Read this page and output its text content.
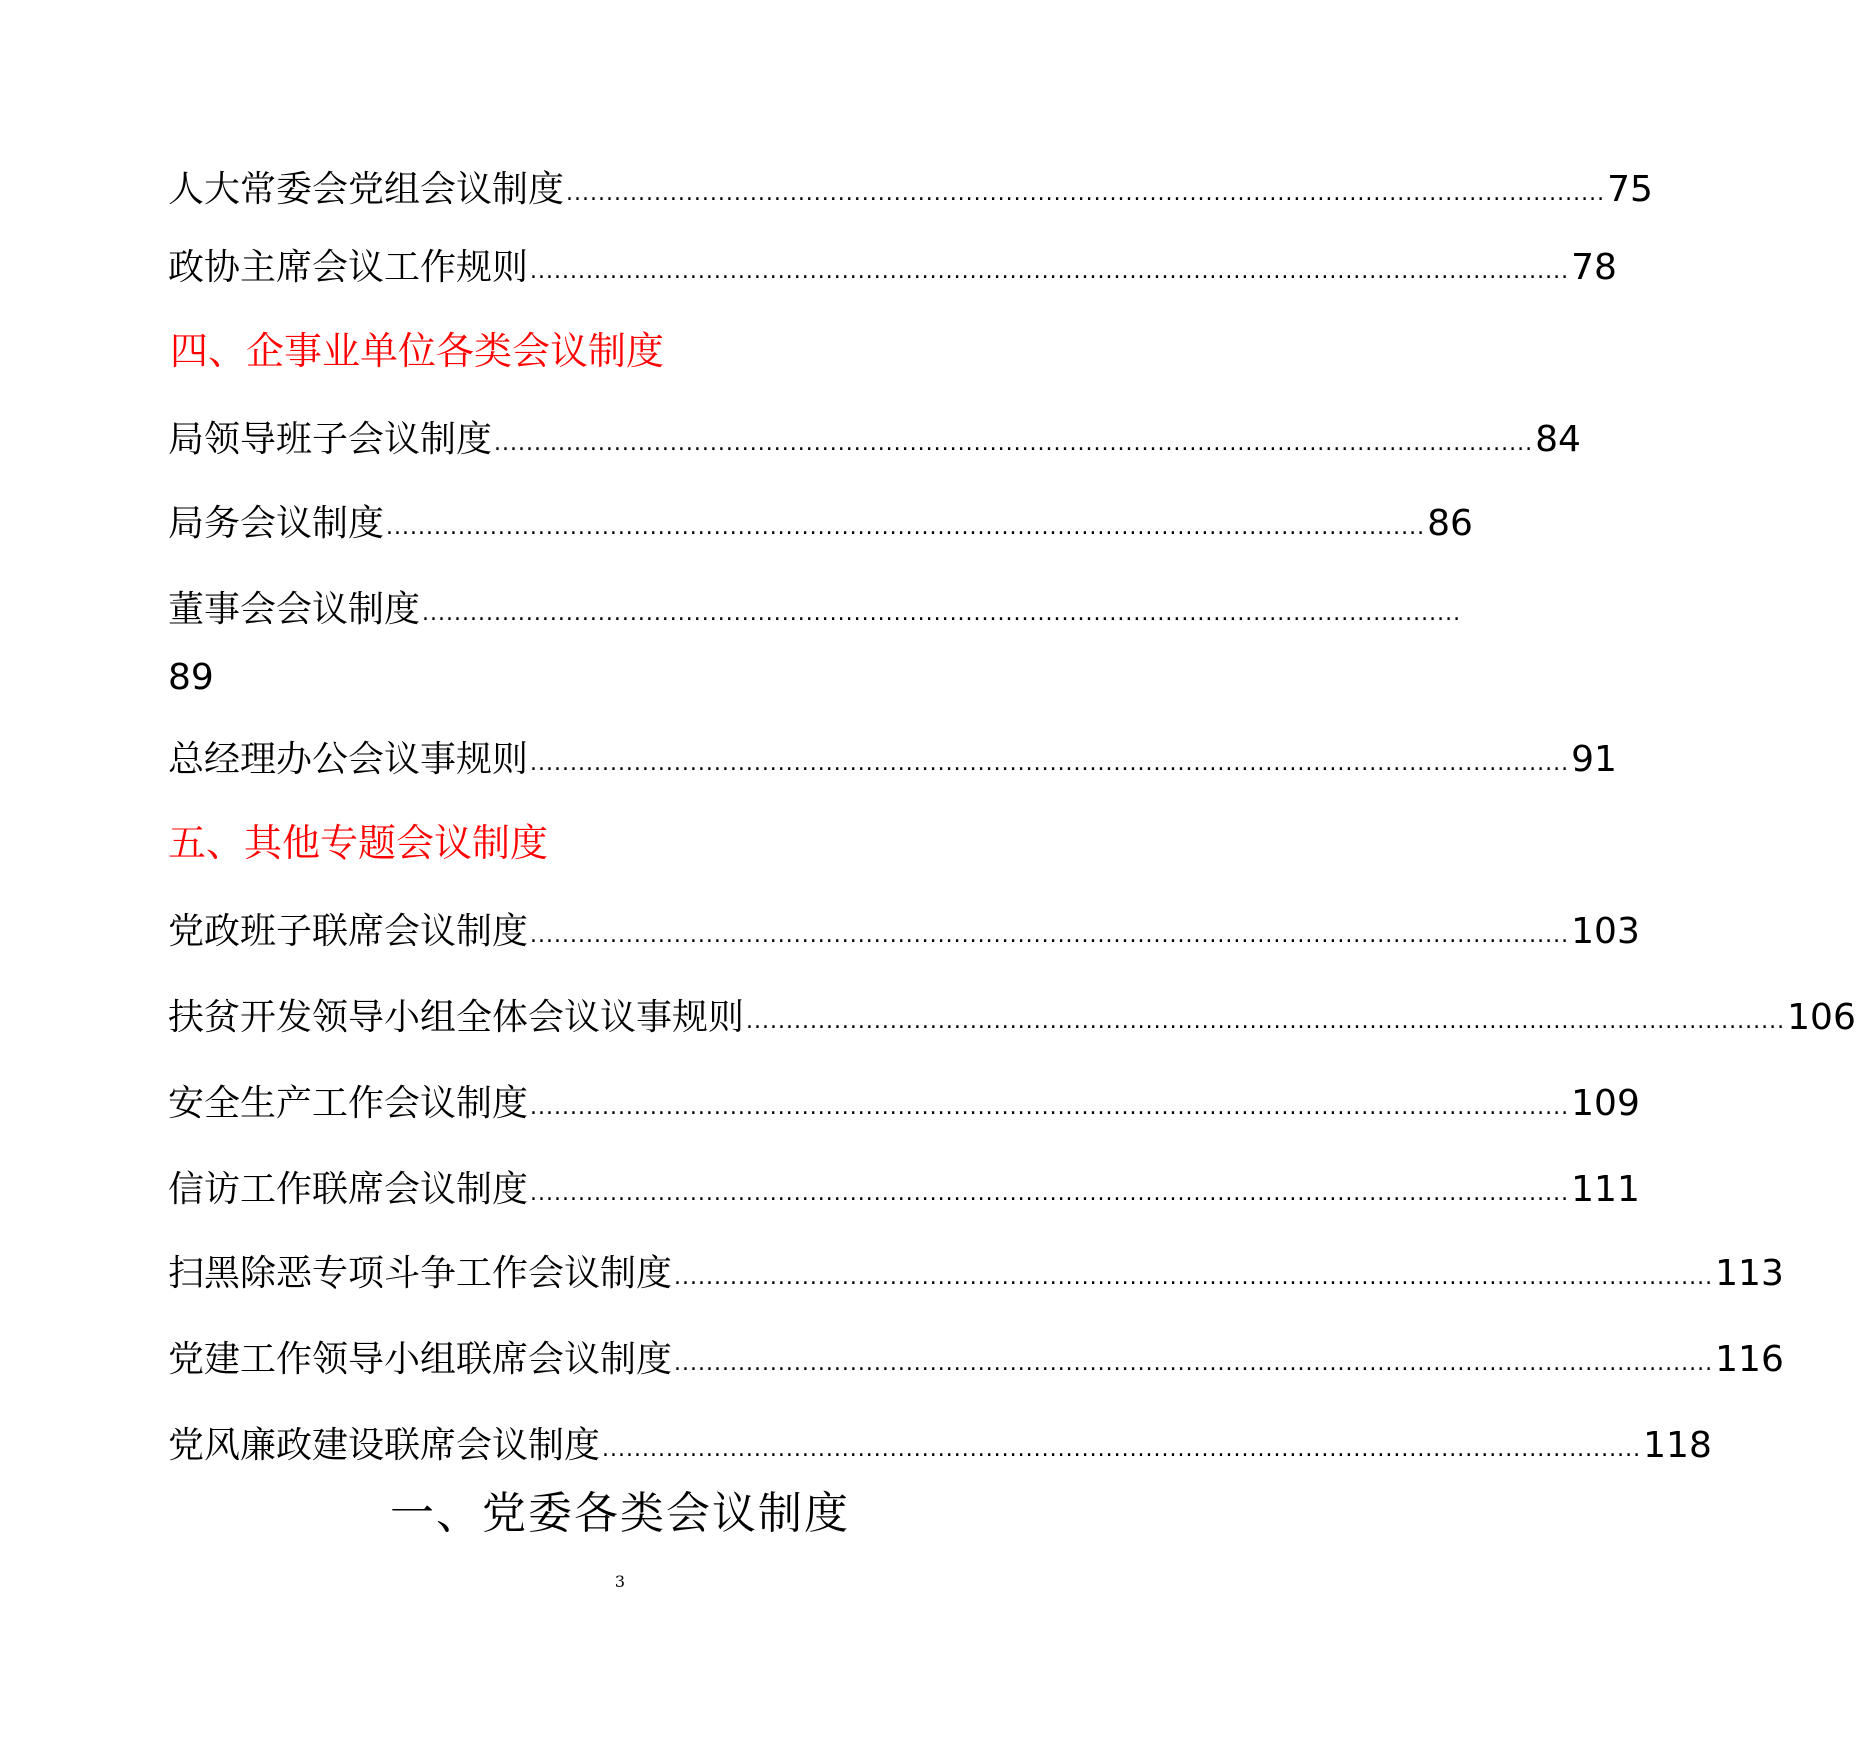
人大常委会党组会议制度 .................................................................................................................................. 75
政协主席会议工作规则 .................................................................................................................................. 78
四、企事业单位各类会议制度
局领导班子会议制度 .................................................................................................................................. 84
局务会议制度 .................................................................................................................................. 86
董事会会议制度 ..................................................................................................................................
89
总经理办公会议事规则 .................................................................................................................................. 91
五、其他专题会议制度
党政班子联席会议制度 .................................................................................................................................. 103
扶贫开发领导小组全体会议议事规则 .................................................................................................................................. 106
安全生产工作会议制度 .................................................................................................................................. 109
信访工作联席会议制度 .................................................................................................................................. 111
扫黑除恶专项斗争工作会议制度 .................................................................................................................................. 113
党建工作领导小组联席会议制度 .................................................................................................................................. 116
党风廉政建设联席会议制度 .................................................................................................................................. 118
一、党委各类会议制度
3
